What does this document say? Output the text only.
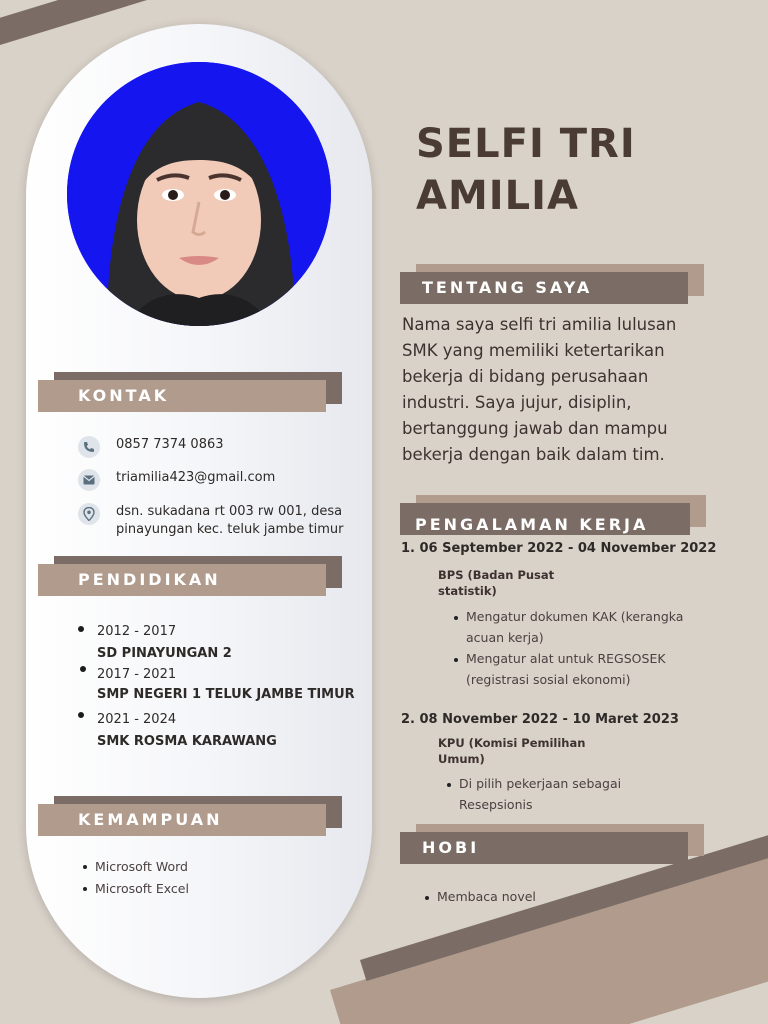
SELFI TRI
AMILIA
TENTANG SAYA
Nama saya selfi tri amilia lulusan SMK yang memiliki ketertarikan bekerja di bidang perusahaan industri. Saya jujur, disiplin, bertanggung jawab dan mampu bekerja dengan baik dalam tim.
KONTAK
0857 7374 0863
triamilia423@gmail.com
dsn. sukadana rt 003 rw 001, desa
pinayungan kec. teluk jambe timur
PENDIDIKAN
2012 - 2017
SD PINAYUNGAN 2
2017 - 2021
SMP NEGERI 1 TELUK JAMBE TIMUR
2021 - 2024
SMK ROSMA KARAWANG
KEMAMPUAN
Microsoft Word
Microsoft Excel
PENGALAMAN KERJA
1. 06 September 2022 - 04 November 2022
BPS (Badan Pusat
statistik)
Mengatur dokumen KAK (kerangka
acuan kerja)
Mengatur alat untuk REGSOSEK
(registrasi sosial ekonomi)
2. 08 November 2022 - 10 Maret 2023
KPU (Komisi Pemilihan
Umum)
Di pilih pekerjaan sebagai
Resepsionis
HOBI
Membaca novel
